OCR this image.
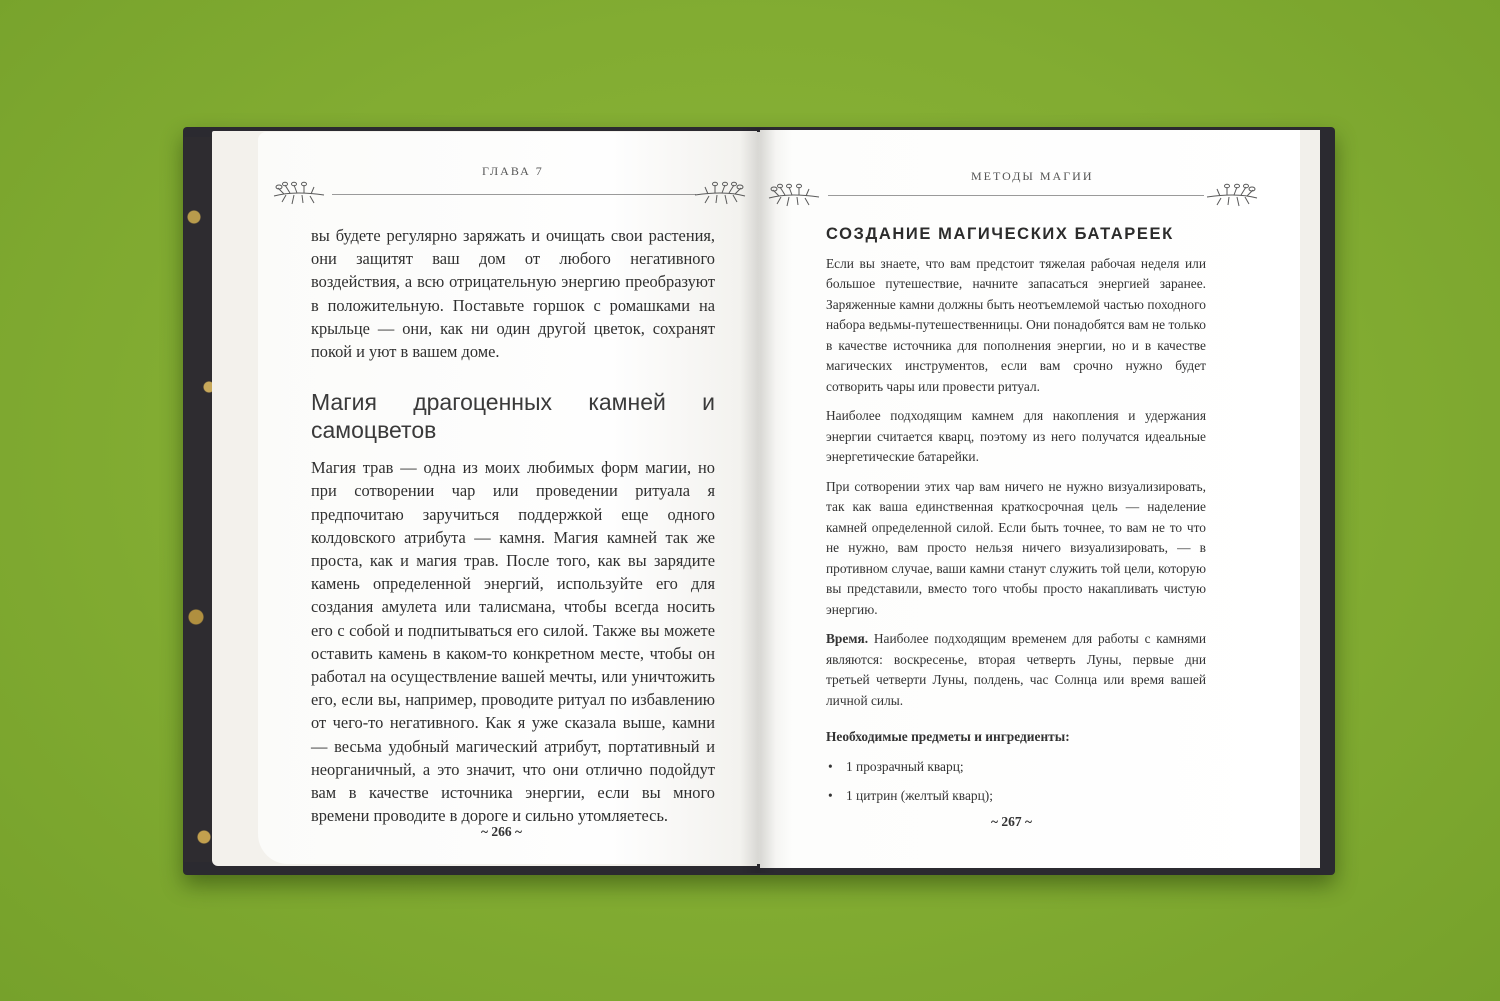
ГЛАВА 7

вы будете регулярно заряжать и очищать свои растения, они защитят ваш дом от любого негативного воздействия, а всю отрицательную энергию преобразуют в положительную. Поставьте горшок с ромашками на крыльце — они, как ни один другой цветок, сохранят покой и уют в вашем доме.

Магия драгоценных камней и самоцветов

Магия трав — одна из моих любимых форм магии, но при сотворении чар или проведении ритуала я предпочитаю заручиться поддержкой еще одного колдовского атрибута — камня. Магия камней так же проста, как и магия трав. После того, как вы зарядите камень определенной энергий, используйте его для создания амулета или талисмана, чтобы всегда носить его с собой и подпитываться его силой. Также вы можете оставить камень в каком-то конкретном месте, чтобы он работал на осуществление вашей мечты, или уничтожить его, если вы, например, проводите ритуал по избавлению от чего-то негативного. Как я уже сказала выше, камни — весьма удобный магический атрибут, портативный и неорганичный, а это значит, что они отлично подойдут вам в качестве источника энергии, если вы много времени проводите в дороге и сильно утомляетесь.

~ 266 ~
МЕТОДЫ МАГИИ
СОЗДАНИЕ МАГИЧЕСКИХ БАТАРЕЕК

Если вы знаете, что вам предстоит тяжелая рабочая неделя или большое путешествие, начните запасаться энергией заранее. Заряженные камни должны быть неотъемлемой частью походного набора ведьмы-путешественницы. Они понадобятся вам не только в качестве источника для пополнения энергии, но и в качестве магических инструментов, если вам срочно нужно будет сотворить чары или провести ритуал.

Наиболее подходящим камнем для накопления и удержания энергии считается кварц, поэтому из него получатся идеальные энергетические батарейки.

При сотворении этих чар вам ничего не нужно визуализировать, так как ваша единственная краткосрочная цель — наделение камней определенной силой. Если быть точнее, то вам не то что не нужно, вам просто нельзя ничего визуализировать, — в противном случае, ваши камни станут служить той цели, которую вы представили, вместо того чтобы просто накапливать чистую энергию.

Время. Наиболее подходящим временем для работы с камнями являются: воскресенье, вторая четверть Луны, первые дни третьей четверти Луны, полдень, час Солнца или время вашей личной силы.

Необходимые предметы и ингредиенты:
• 1 прозрачный кварц;
• 1 цитрин (желтый кварц);
~ 267 ~
